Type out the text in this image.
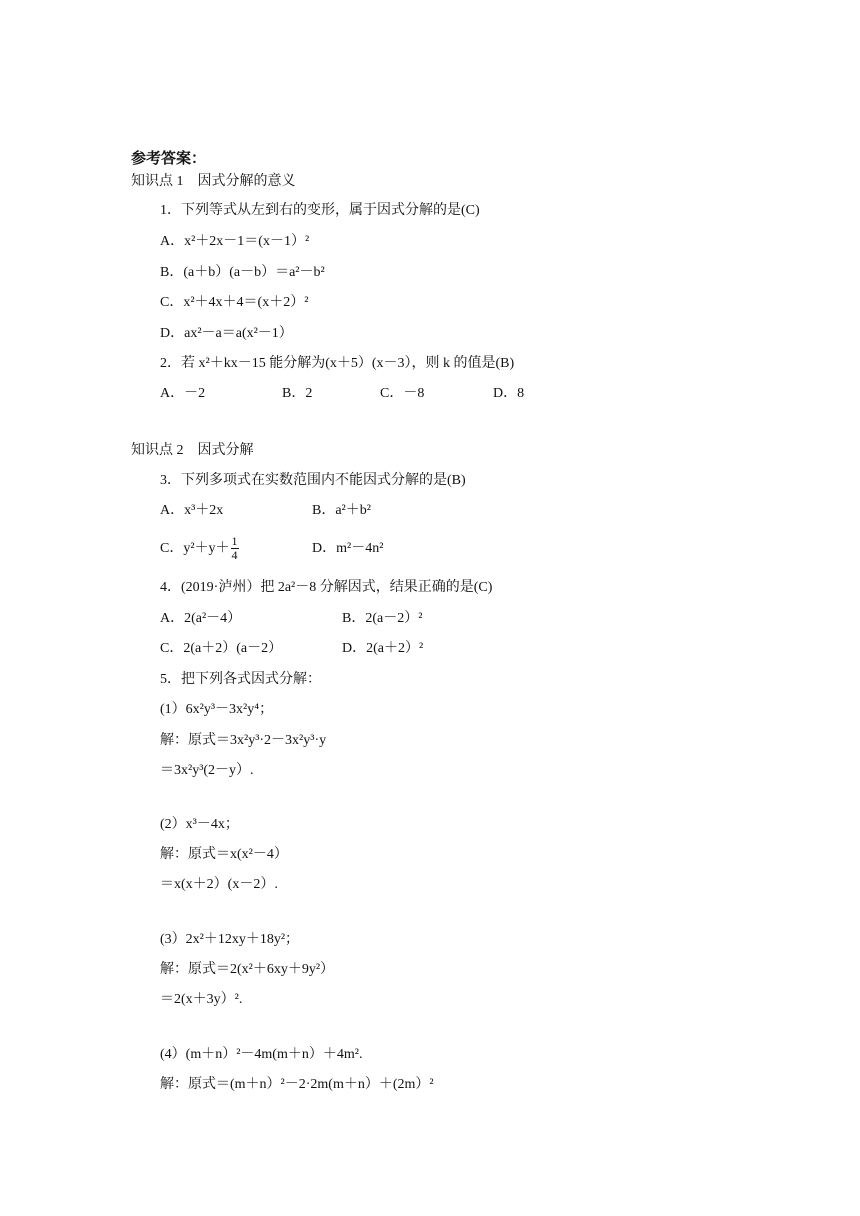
参考答案：
知识点 1　因式分解的意义
1．下列等式从左到右的变形，属于因式分解的是(C)
A．x²＋2x－1＝(x－1）²
B．(a＋b）(a－b）＝a²－b²
C．x²＋4x＋4＝(x＋2）²
D．ax²－a＝a(x²－1）
2．若 x²＋kx－15 能分解为(x＋5）(x－3），则 k 的值是(B)
A．－2	B．2	C．－8	D．8
知识点 2　因式分解
3．下列多项式在实数范围内不能因式分解的是(B)
A．x³＋2x	B．a²＋b²
C．$y^2+y+ \frac{1}{4}$	D．m²－4n²
4．(2019·泸州）把 2a²－8 分解因式，结果正确的是(C)
A．2(a²－4）	B．2(a－2）²
C．2(a＋2）(a－2）	D．2(a＋2）²
5．把下列各式因式分解：
(1）6x²y³－3x²y⁴；
解：原式＝3x²y³·2－3x²y³·y
＝3x²y³(2－y）.
(2）x³－4x；
解：原式＝x(x²－4）
＝x(x＋2）(x－2）.
(3）2x²＋12xy＋18y²；
解：原式＝2(x²＋6xy＋9y²）
＝2(x＋3y）².
(4）(m＋n）²－4m(m＋n）＋4m².
解：原式＝(m＋n）²－2·2m(m＋n）＋(2m）²
